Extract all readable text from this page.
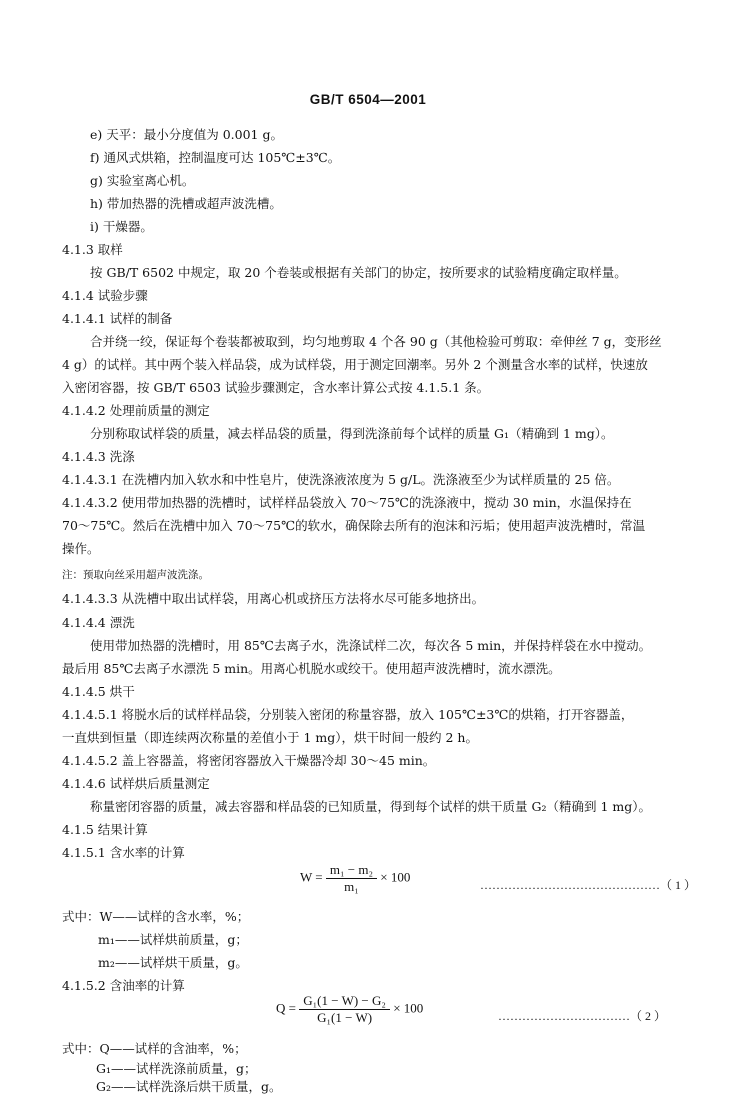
GB/T 6504—2001
e) 天平：最小分度值为 0.001 g。
f) 通风式烘箱，控制温度可达 105℃±3℃。
g) 实验室离心机。
h) 带加热器的洗槽或超声波洗槽。
i) 干燥器。
4.1.3 取样
按 GB/T 6502 中规定，取 20 个卷装或根据有关部门的协定，按所要求的试验精度确定取样量。
4.1.4 试验步骤
4.1.4.1 试样的制备
合并绕一绞，保证每个卷装都被取到，均匀地剪取 4 个各 90 g（其他检验可剪取：牵伸丝 7 g，变形丝
4 g）的试样。其中两个装入样品袋，成为试样袋，用于测定回潮率。另外 2 个测量含水率的试样，快速放
入密闭容器，按 GB/T 6503 试验步骤测定，含水率计算公式按 4.1.5.1 条。
4.1.4.2 处理前质量的测定
分别称取试样袋的质量，减去样品袋的质量，得到洗涤前每个试样的质量 G₁（精确到 1 mg）。
4.1.4.3 洗涤
4.1.4.3.1 在洗槽内加入软水和中性皂片，使洗涤液浓度为 5 g/L。洗涤液至少为试样质量的 25 倍。
4.1.4.3.2 使用带加热器的洗槽时，试样样品袋放入 70～75℃的洗涤液中，搅动 30 min，水温保持在
70～75℃。然后在洗槽中加入 70～75℃的软水，确保除去所有的泡沫和污垢；使用超声波洗槽时，常温
操作。
注：预取向丝采用超声波洗涤。
4.1.4.3.3 从洗槽中取出试样袋，用离心机或挤压方法将水尽可能多地挤出。
4.1.4.4 漂洗
使用带加热器的洗槽时，用 85℃去离子水，洗涤试样二次，每次各 5 min，并保持样袋在水中搅动。
最后用 85℃去离子水漂洗 5 min。用离心机脱水或绞干。使用超声波洗槽时，流水漂洗。
4.1.4.5 烘干
4.1.4.5.1 将脱水后的试样样品袋，分别装入密闭的称量容器，放入 105℃±3℃的烘箱，打开容器盖，
一直烘到恒量（即连续两次称量的差值小于 1 mg），烘干时间一般约 2 h。
4.1.4.5.2 盖上容器盖，将密闭容器放入干燥器冷却 30～45 min。
4.1.4.6 试样烘后质量测定
称量密闭容器的质量，减去容器和样品袋的已知质量，得到每个试样的烘干质量 G₂（精确到 1 mg）。
4.1.5 结果计算
4.1.5.1 含水率的计算
$W = \frac{\text{m₁ − m₂}}{\text{m₁}} \times 100$
………………………………………（ 1 ）
式中：W——试样的含水率，%；
m₁——试样烘前质量，g；
m₂——试样烘干质量，g。
4.1.5.2 含油率的计算
$Q = \frac{\text{G₁(1 − W) − G₂}}{\text{G₁(1 − W)}} \times 100$
……………………………（ 2 ）
式中：Q——试样的含油率，%；
G₁——试样洗涤前质量，g；
G₂——试样洗涤后烘干质量，g。
